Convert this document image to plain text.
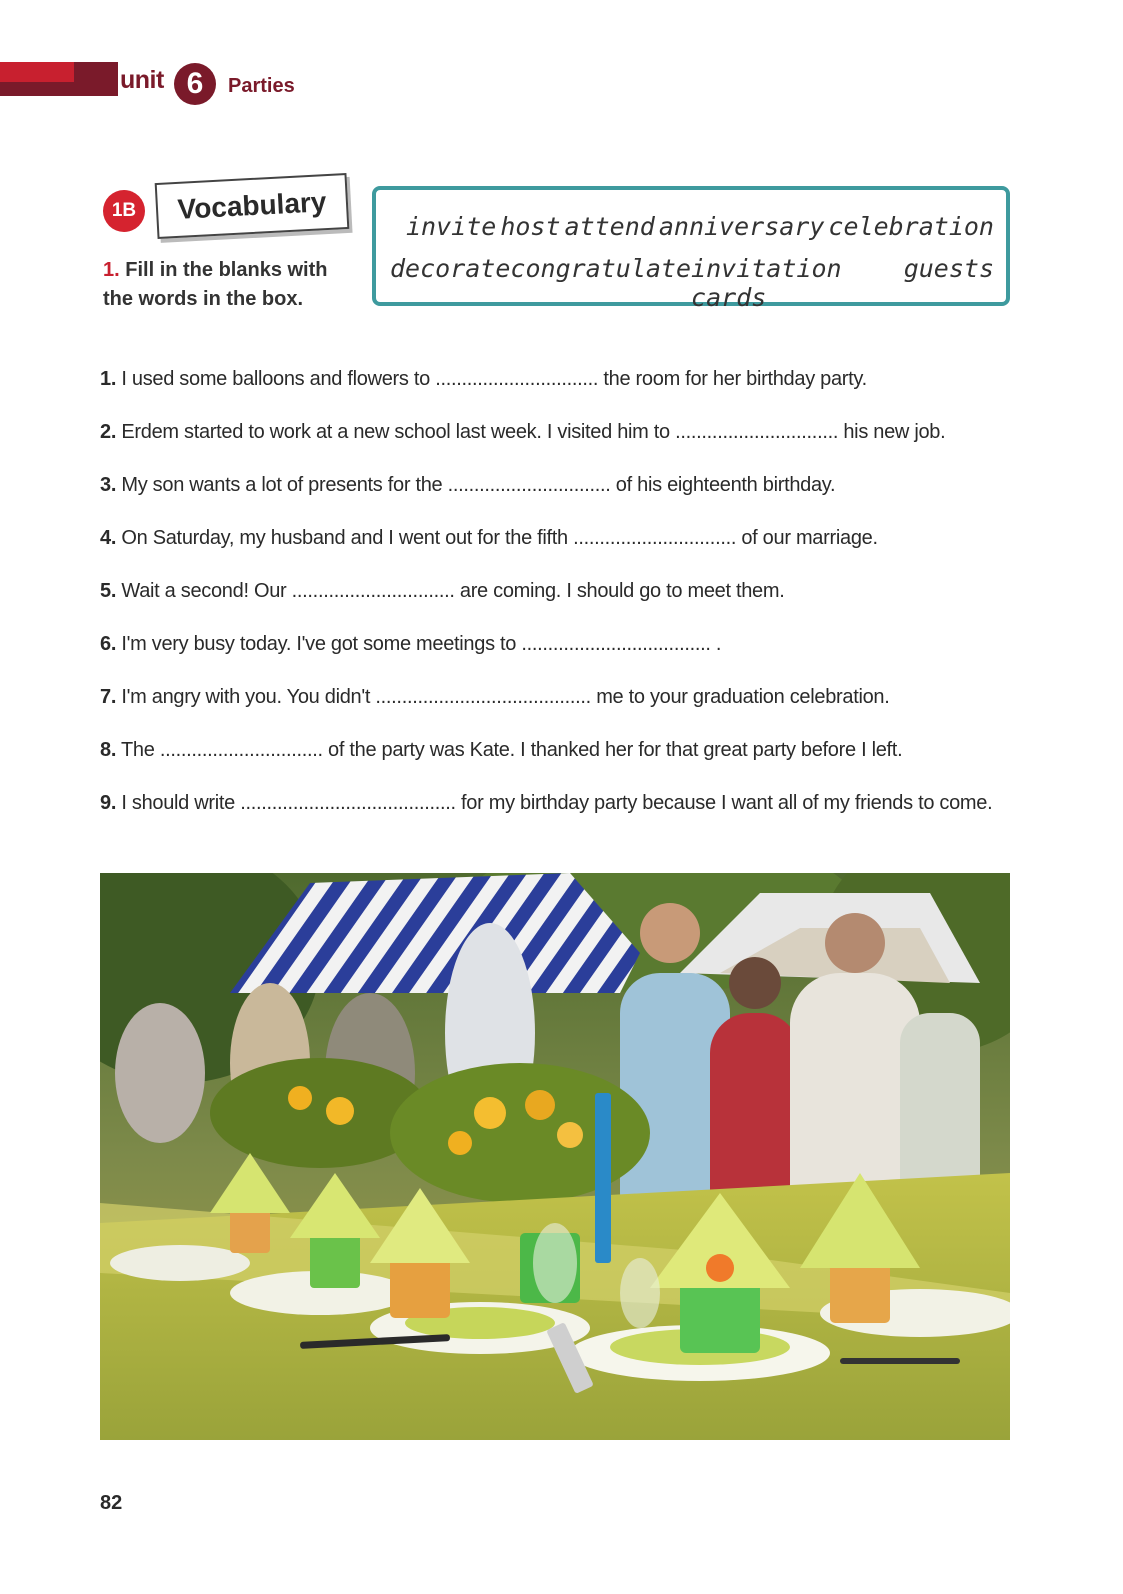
unit 6	Parties
1B	Vocabulary
1. Fill in the blanks with the words in the box.
invite host attend anniversary celebration
decorate congratulate invitation cards
guests

1. I used some balloons and flowers to ............................... the room for her birthday party.

2. Erdem started to work at a new school last week. I visited him to ............................... his new job.

3. My son wants a lot of presents for the ............................... of his eighteenth birthday.

4. On Saturday, my husband and I went out for the fifth ............................... of our marriage.

5. Wait a second! Our ............................... are coming. I should go to meet them.

6. I'm very busy today. I've got some meetings to .................................... .

7. I'm angry with you. You didn't ......................................... me to your graduation celebration.

8. The ............................... of the party was Kate. I thanked her for that great party before I left.

9. I should write ......................................... for my birthday party because I want all of my friends to come.

82
